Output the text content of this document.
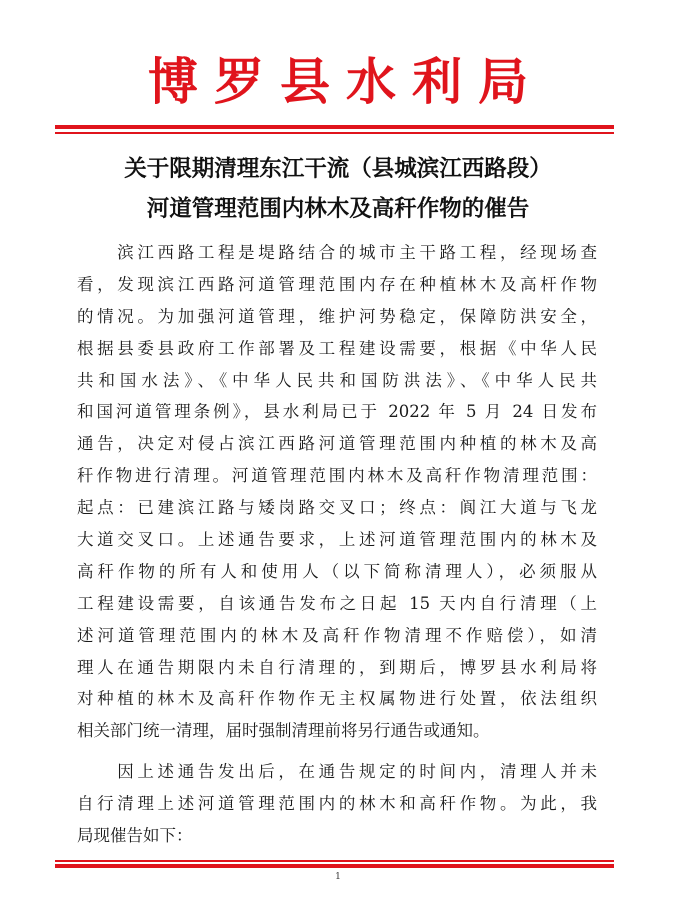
博罗县水利局
关于限期清理东江干流（县城滨江西路段）
河道管理范围内林木及高秆作物的催告
　　滨江西路工程是堤路结合的城市主干路工程，经现场查
看，发现滨江西路河道管理范围内存在种植林木及高杆作物
的情况。为加强河道管理，维护河势稳定，保障防洪安全，
根据县委县政府工作部署及工程建设需要，根据《中华人民
共和国水法》、《中华人民共和国防洪法》、《中华人民共
和国河道管理条例》，县水利局已于 2022 年 5 月 24 日发布
通告，决定对侵占滨江西路河道管理范围内种植的林木及高
秆作物进行清理。河道管理范围内林木及高秆作物清理范围：
起点：已建滨江路与矮岗路交叉口；终点：阆江大道与飞龙
大道交叉口。上述通告要求，上述河道管理范围内的林木及
高秆作物的所有人和使用人（以下简称清理人），必须服从
工程建设需要，自该通告发布之日起 15 天内自行清理（上
述河道管理范围内的林木及高秆作物清理不作赔偿），如清
理人在通告期限内未自行清理的，到期后，博罗县水利局将
对种植的林木及高秆作物作无主权属物进行处置，依法组织
相关部门统一清理，届时强制清理前将另行通告或通知。
　　因上述通告发出后，在通告规定的时间内，清理人并未
自行清理上述河道管理范围内的林木和高秆作物。为此，我
局现催告如下：
1
